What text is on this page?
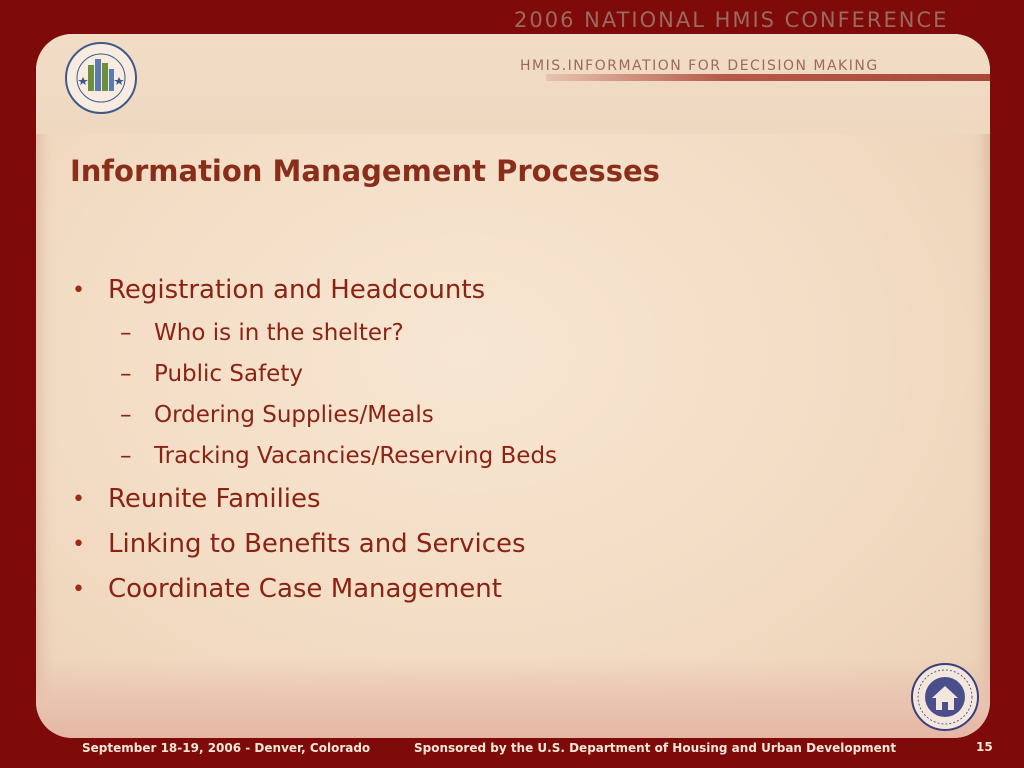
2006 NATIONAL HMIS CONFERENCE
HMIS.INFORMATION FOR DECISION MAKING
Information Management Processes
• Registration and Headcounts
– Who is in the shelter?
– Public Safety
– Ordering Supplies/Meals
– Tracking Vacancies/Reserving Beds
• Reunite Families
• Linking to Benefits and Services
• Coordinate Case Management
September 18-19, 2006 - Denver, Colorado	Sponsored by the U.S. Department of Housing and Urban Development	15
